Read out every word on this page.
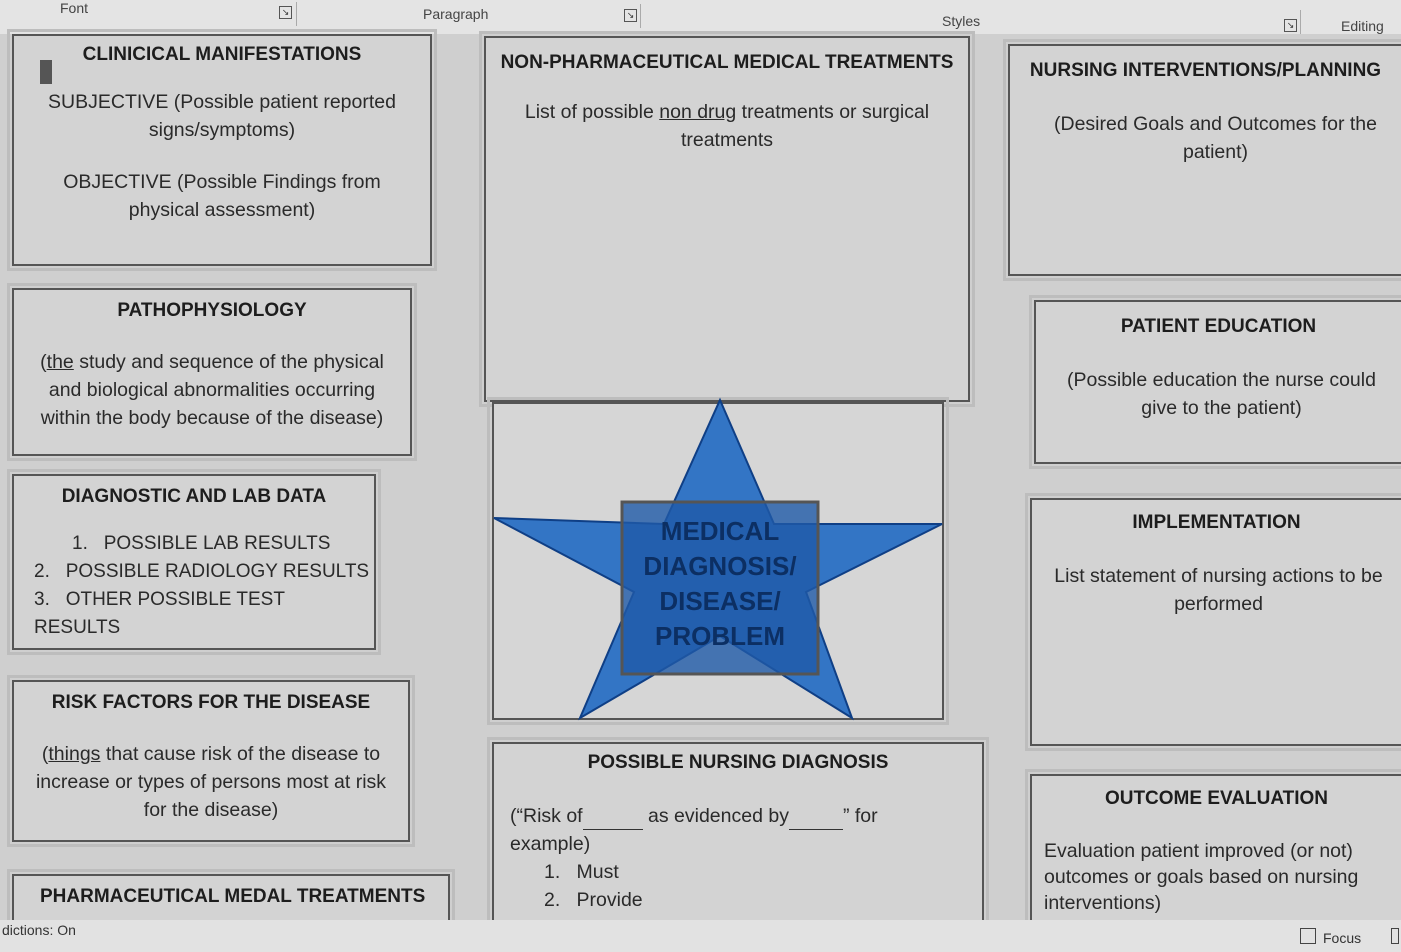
Font	↘	Paragraph	↘	Styles	↘	Editing
CLINICICAL MANIFESTATIONS

SUBJECTIVE (Possible patient reported signs/symptoms)

OBJECTIVE (Possible Findings from physical assessment)

PATHOPHYSIOLOGY

(the study and sequence of the physical and biological abnormalities occurring within the body because of the disease)

DIAGNOSTIC AND LAB DATA
1. POSSIBLE LAB RESULTS
2. POSSIBLE RADIOLOGY RESULTS
3. OTHER POSSIBLE TEST RESULTS
RISK FACTORS FOR THE DISEASE

(things that cause risk of the disease to increase or types of persons most at risk for the disease)

PHARMACEUTICAL MEDAL TREATMENTS
NON-PHARMACEUTICAL MEDICAL TREATMENTS

List of possible non drug treatments or surgical treatments

MEDICAL
DIAGNOSIS/
DISEASE/
PROBLEM
POSSIBLE NURSING DIAGNOSIS
(“Risk of	as evidenced by	” for
example)
1. Must
2. Provide
NURSING INTERVENTIONS/PLANNING

(Desired Goals and Outcomes for the patient)

PATIENT EDUCATION

(Possible education the nurse could give to the patient)

IMPLEMENTATION

List statement of nursing actions to be performed

OUTCOME EVALUATION

Evaluation patient improved (or not) outcomes or goals based on nursing interventions)

dictions: On	Focus
